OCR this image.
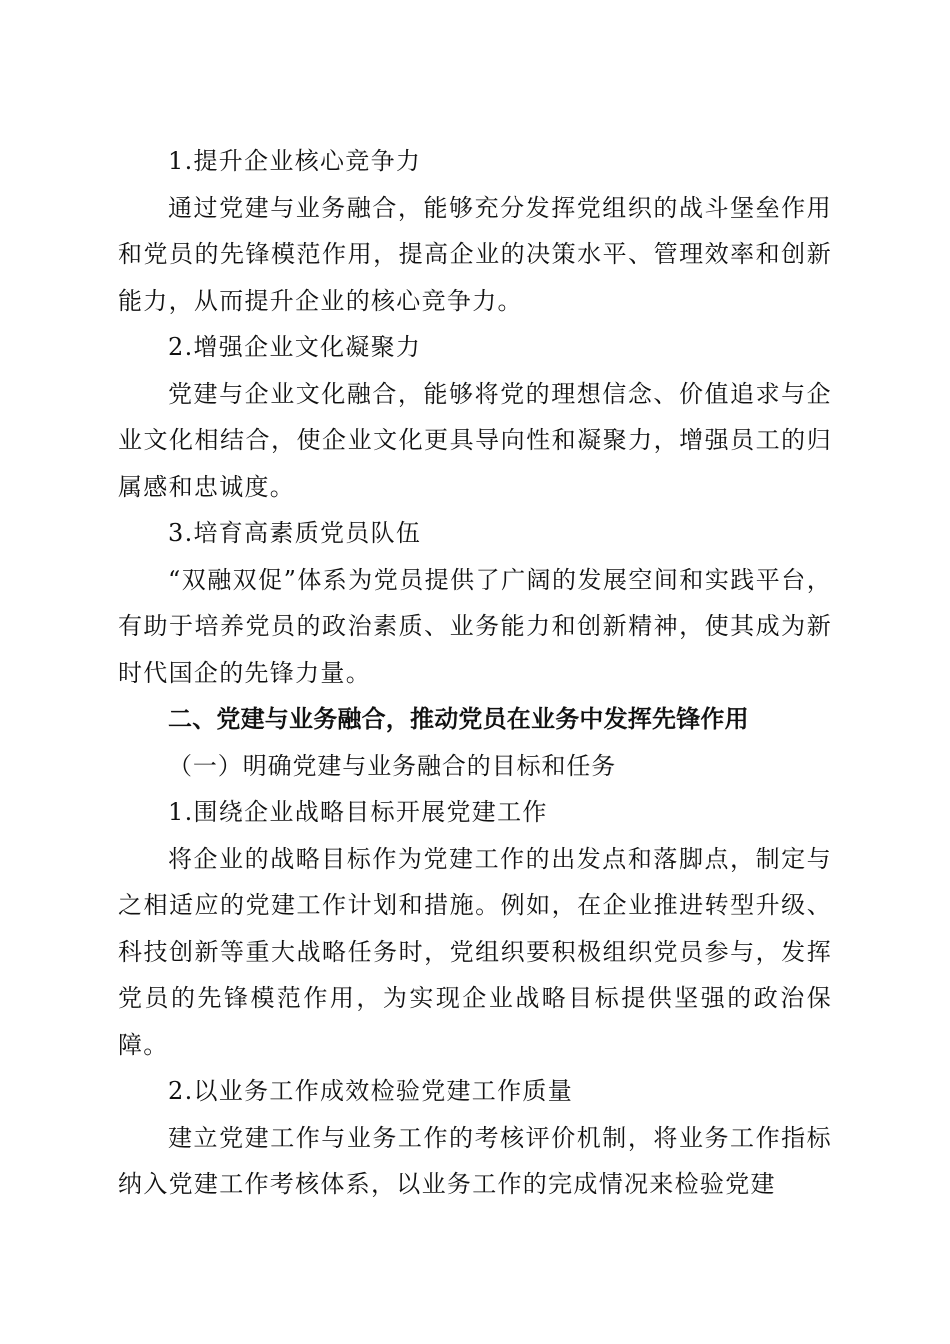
1.提升企业核心竞争力

通过党建与业务融合，能够充分发挥党组织的战斗堡垒作用和党员的先锋模范作用，提高企业的决策水平、管理效率和创新能力，从而提升企业的核心竞争力。

2.增强企业文化凝聚力

党建与企业文化融合，能够将党的理想信念、价值追求与企业文化相结合，使企业文化更具导向性和凝聚力，增强员工的归属感和忠诚度。

3.培育高素质党员队伍

“双融双促”体系为党员提供了广阔的发展空间和实践平台，有助于培养党员的政治素质、业务能力和创新精神，使其成为新时代国企的先锋力量。

二、党建与业务融合，推动党员在业务中发挥先锋作用

（一）明确党建与业务融合的目标和任务

1.围绕企业战略目标开展党建工作

将企业的战略目标作为党建工作的出发点和落脚点，制定与之相适应的党建工作计划和措施。例如，在企业推进转型升级、科技创新等重大战略任务时，党组织要积极组织党员参与，发挥党员的先锋模范作用，为实现企业战略目标提供坚强的政治保障。

2.以业务工作成效检验党建工作质量

建立党建工作与业务工作的考核评价机制，将业务工作指标纳入党建工作考核体系，以业务工作的完成情况来检验党建
